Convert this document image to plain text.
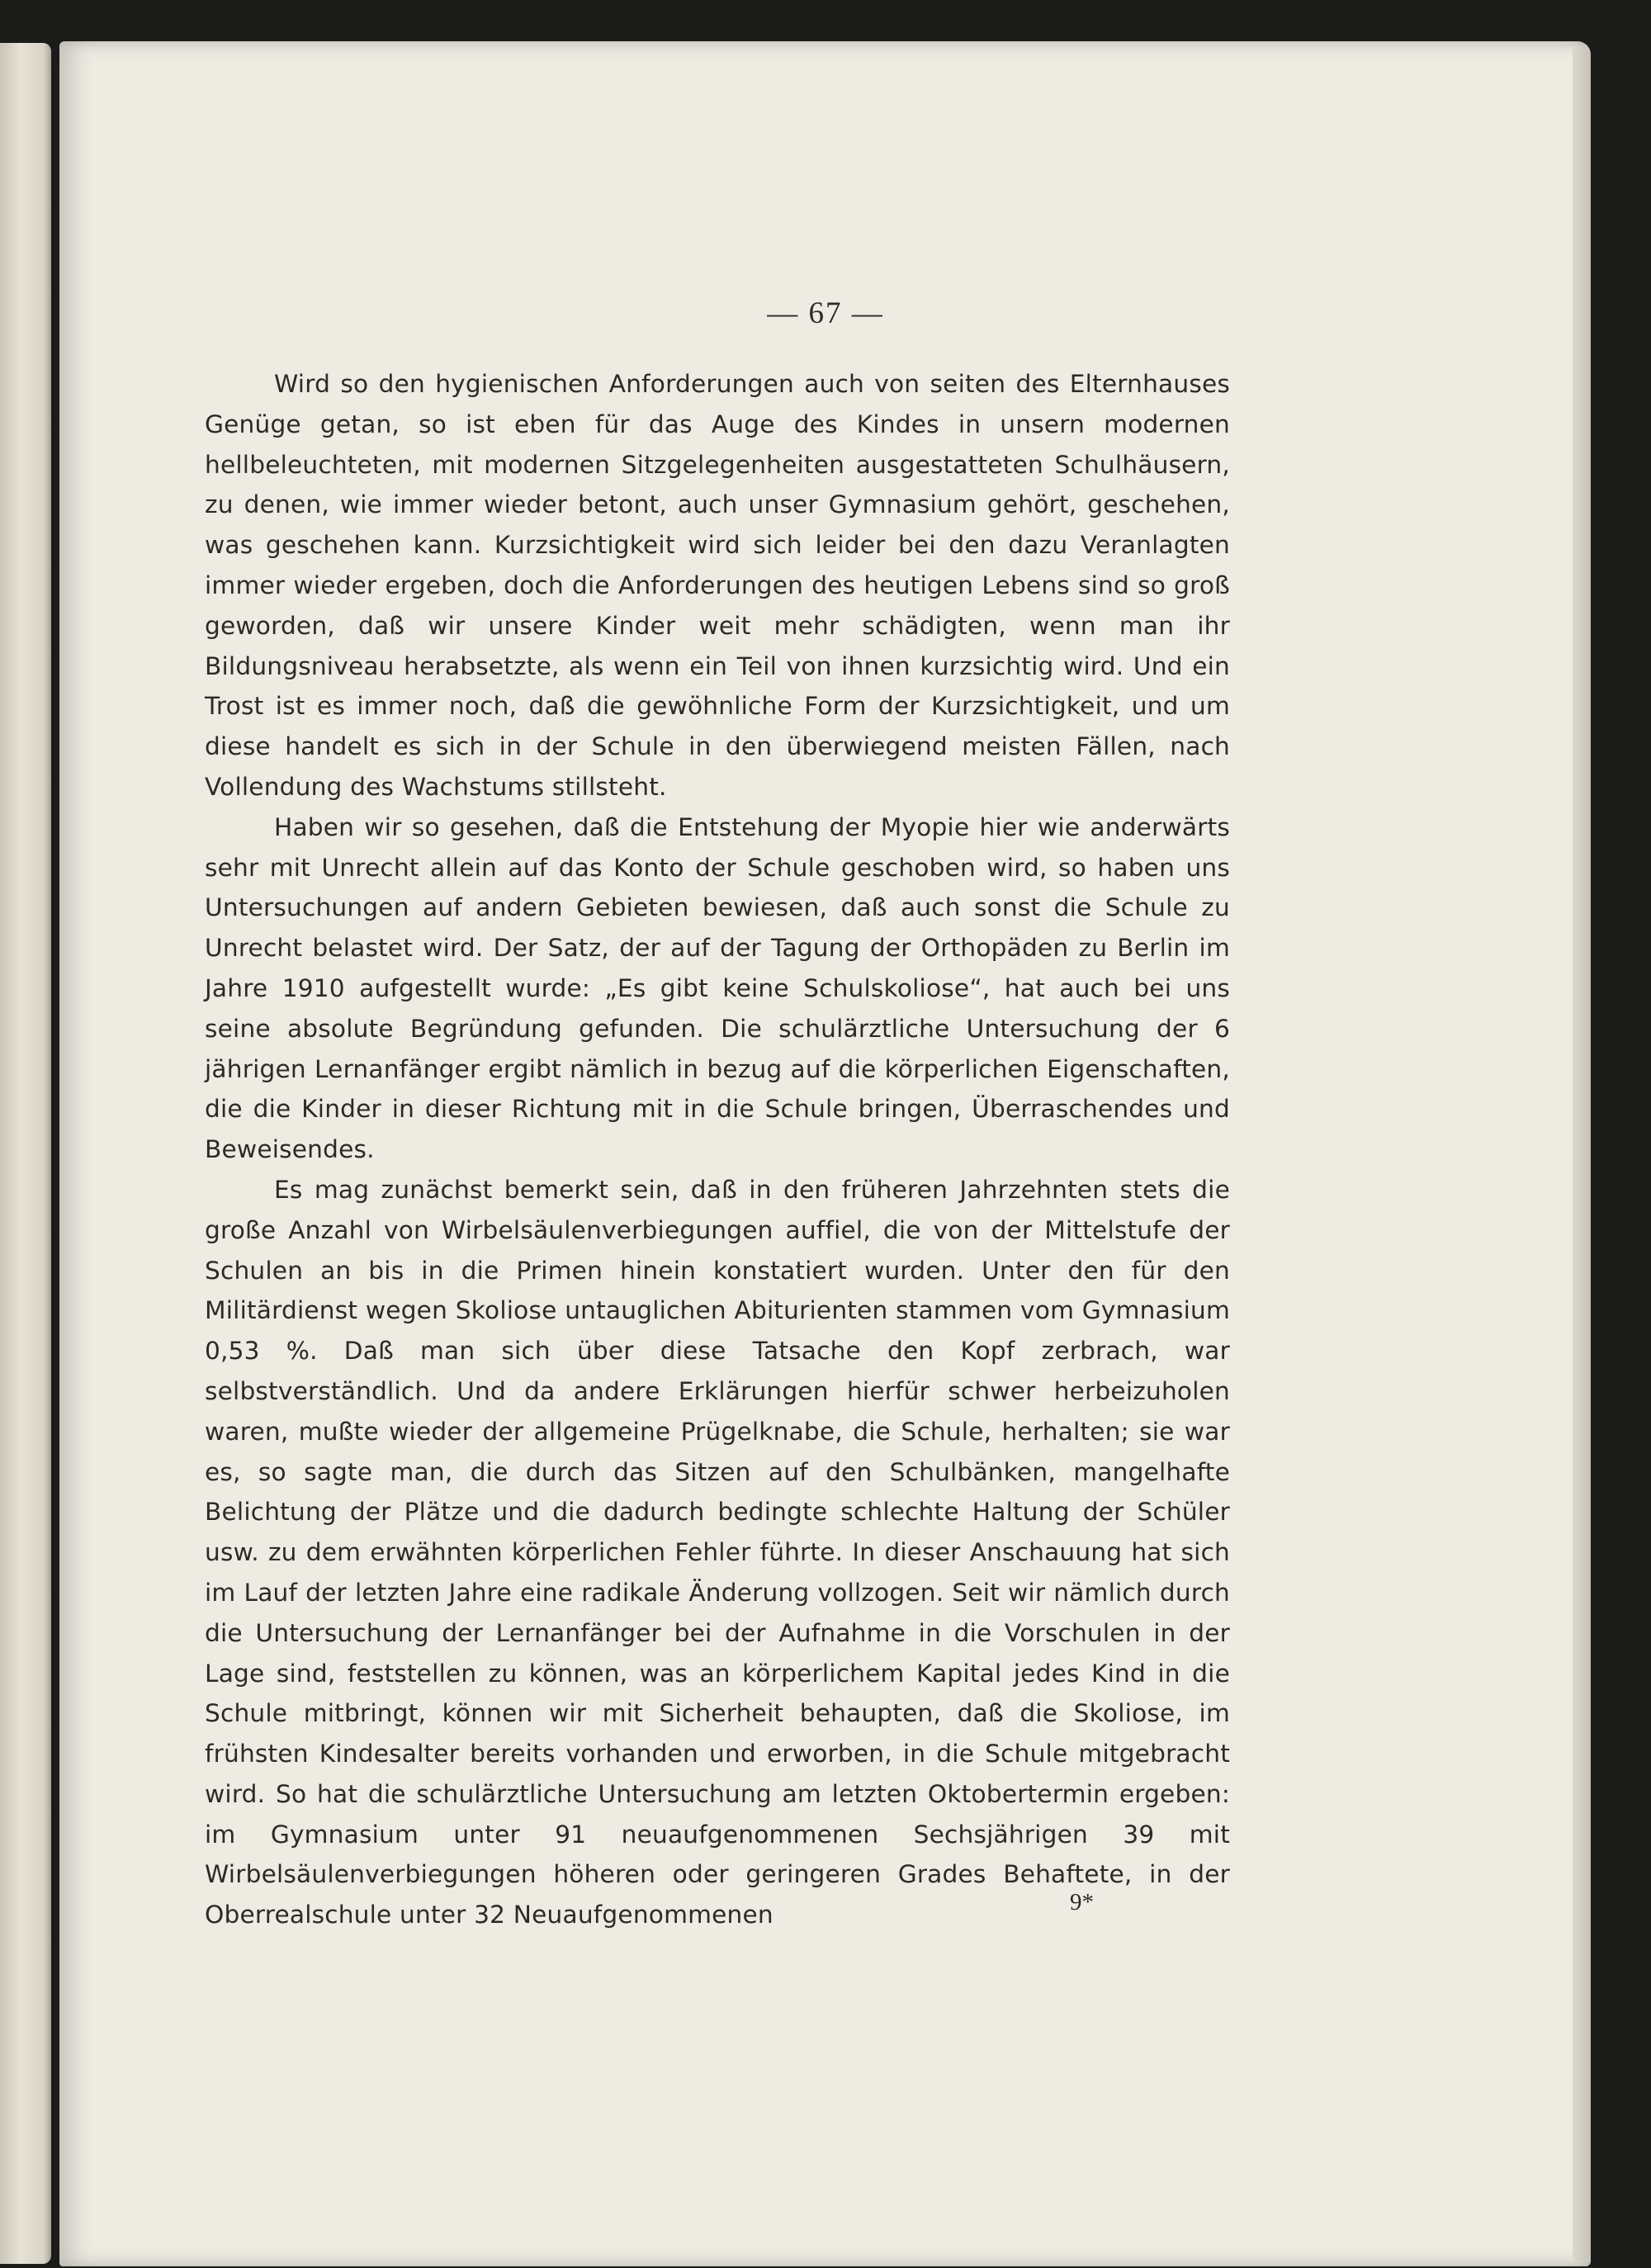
— 67 —

Wird so den hygienischen Anforderungen auch von seiten des Elternhauses Genüge getan, so ist eben für das Auge des Kindes in unsern modernen hellbeleuchteten, mit modernen Sitzgelegenheiten ausgestatteten Schulhäusern, zu denen, wie immer wieder betont, auch unser Gymnasium gehört, geschehen, was geschehen kann. Kurzsichtigkeit wird sich leider bei den dazu Veranlagten immer wieder ergeben, doch die Anforderungen des heutigen Lebens sind so groß geworden, daß wir unsere Kinder weit mehr schädigten, wenn man ihr Bildungsniveau herabsetzte, als wenn ein Teil von ihnen kurzsichtig wird. Und ein Trost ist es immer noch, daß die gewöhnliche Form der Kurzsichtigkeit, und um diese handelt es sich in der Schule in den überwiegend meisten Fällen, nach Vollendung des Wachstums stillsteht.

Haben wir so gesehen, daß die Entstehung der Myopie hier wie anderwärts sehr mit Unrecht allein auf das Konto der Schule geschoben wird, so haben uns Untersuchungen auf andern Gebieten bewiesen, daß auch sonst die Schule zu Unrecht belastet wird. Der Satz, der auf der Tagung der Orthopäden zu Berlin im Jahre 1910 aufgestellt wurde: „Es gibt keine Schulskoliose“, hat auch bei uns seine absolute Begründung gefunden. Die schulärztliche Untersuchung der 6 jährigen Lernanfänger ergibt nämlich in bezug auf die körperlichen Eigenschaften, die die Kinder in dieser Richtung mit in die Schule bringen, Überraschendes und Beweisendes.

Es mag zunächst bemerkt sein, daß in den früheren Jahrzehnten stets die große Anzahl von Wirbelsäulenverbiegungen auffiel, die von der Mittelstufe der Schulen an bis in die Primen hinein konstatiert wurden. Unter den für den Militärdienst wegen Skoliose untauglichen Abiturienten stammen vom Gymnasium 0,53 %. Daß man sich über diese Tatsache den Kopf zerbrach, war selbstverständlich. Und da andere Erklärungen hierfür schwer herbeizuholen waren, mußte wieder der allgemeine Prügelknabe, die Schule, herhalten; sie war es, so sagte man, die durch das Sitzen auf den Schulbänken, mangelhafte Belichtung der Plätze und die dadurch bedingte schlechte Haltung der Schüler usw. zu dem erwähnten körperlichen Fehler führte. In dieser Anschauung hat sich im Lauf der letzten Jahre eine radikale Änderung vollzogen. Seit wir nämlich durch die Untersuchung der Lernanfänger bei der Aufnahme in die Vorschulen in der Lage sind, feststellen zu können, was an körperlichem Kapital jedes Kind in die Schule mitbringt, können wir mit Sicherheit behaupten, daß die Skoliose, im frühsten Kindesalter bereits vorhanden und erworben, in die Schule mitgebracht wird. So hat die schulärztliche Untersuchung am letzten Oktobertermin ergeben: im Gymnasium unter 91 neuaufgenommenen Sechsjährigen 39 mit Wirbelsäulenverbiegungen höheren oder geringeren Grades Behaftete, in der Oberrealschule unter 32 Neuaufgenommenen	9*
